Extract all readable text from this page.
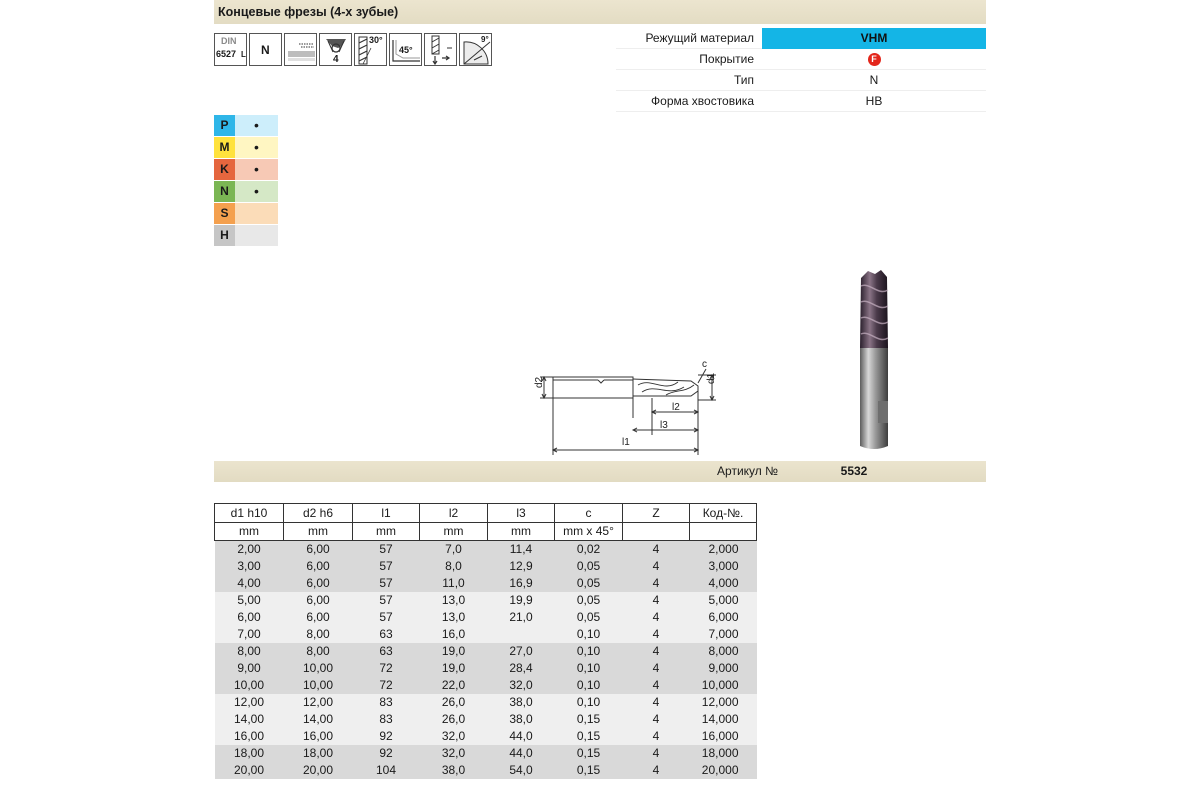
Концевые фрезы (4-х зубые)
DIN
6527 L N
4
30°
45°
9°	Режущий материал	VHM
Покрытие	F
Тип	N
Форма хвостовика	HB
P	•
M	•
K	•
N	•
S
H
d2	d1
c
l2
l3
l1
Артикул №	5532
d1 h10	d2 h6	l1	l2	l3	c	Z	Код-№.
mm	mm	mm	mm	mm	mm x 45°		
2,00	6,00	57	7,0	11,4	0,02	4	2,000
3,00	6,00	57	8,0	12,9	0,05	4	3,000
4,00	6,00	57	11,0	16,9	0,05	4	4,000
5,00	6,00	57	13,0	19,9	0,05	4	5,000
6,00	6,00	57	13,0	21,0	0,05	4	6,000
7,00	8,00	63	16,0		0,10	4	7,000
8,00	8,00	63	19,0	27,0	0,10	4	8,000
9,00	10,00	72	19,0	28,4	0,10	4	9,000
10,00	10,00	72	22,0	32,0	0,10	4	10,000
12,00	12,00	83	26,0	38,0	0,10	4	12,000
14,00	14,00	83	26,0	38,0	0,15	4	14,000
16,00	16,00	92	32,0	44,0	0,15	4	16,000
18,00	18,00	92	32,0	44,0	0,15	4	18,000
20,00	20,00	104	38,0	54,0	0,15	4	20,000
